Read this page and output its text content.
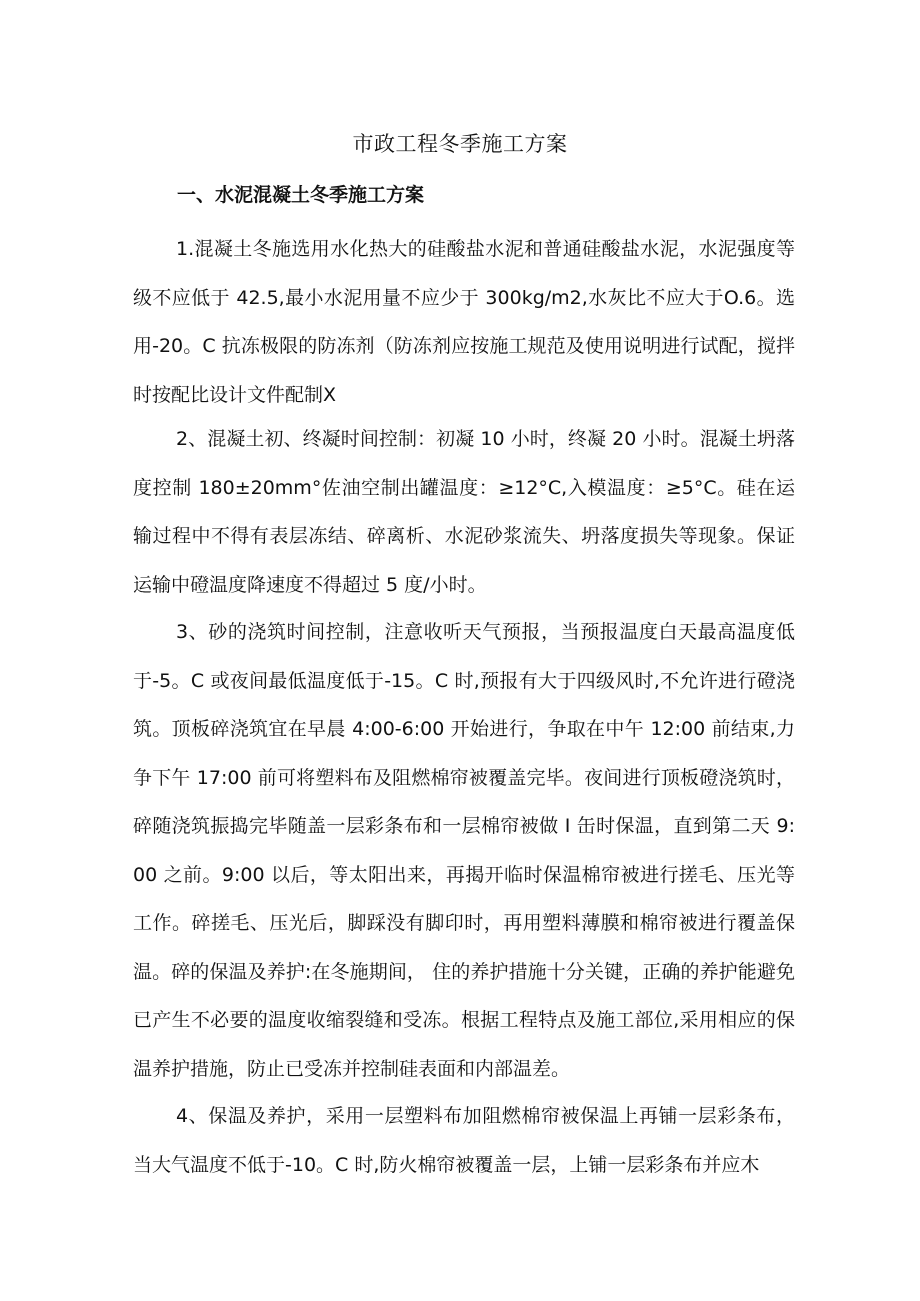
市政工程冬季施工方案
一、水泥混凝土冬季施工方案

1.混凝土冬施选用水化热大的硅酸盐水泥和普通硅酸盐水泥，水泥强度等级不应低于 42.5,最小水泥用量不应少于 300kg/m2,水灰比不应大于O.6。选用-20。C 抗冻极限的防冻剂（防冻剂应按施工规范及使用说明进行试配，搅拌时按配比设计文件配制X

2、混凝土初、终凝时间控制：初凝 10 小时，终凝 20 小时。混凝土坍落度控制 180±20mm°佐油空制出罐温度：≥12°C,入模温度：≥5°C。硅在运输过程中不得有表层冻结、碎离析、水泥砂浆流失、坍落度损失等现象。保证运输中磴温度降速度不得超过 5 度/小时。

3、砂的浇筑时间控制，注意收听天气预报，当预报温度白天最高温度低于-5。C 或夜间最低温度低于-15。C 时,预报有大于四级风时,不允许进行磴浇筑。顶板碎浇筑宜在早晨 4:00-6:00 开始进行，争取在中午 12:00 前结束,力争下午 17:00 前可将塑料布及阻燃棉帘被覆盖完毕。夜间进行顶板磴浇筑时，碎随浇筑振捣完毕随盖一层彩条布和一层棉帘被做 I 缶时保温，直到第二天 9:00 之前。9:00 以后，等太阳出来，再揭开临时保温棉帘被进行搓毛、压光等工作。碎搓毛、压光后，脚踩没有脚印时，再用塑料薄膜和棉帘被进行覆盖保温。碎的保温及养护:在冬施期间， 住的养护措施十分关键，正确的养护能避免已产生不必要的温度收缩裂缝和受冻。根据工程特点及施工部位,采用相应的保温养护措施，防止已受冻并控制硅表面和内部温差。

4、保温及养护，采用一层塑料布加阻燃棉帘被保温上再铺一层彩条布，当大气温度不低于-10。C 时,防火棉帘被覆盖一层，上铺一层彩条布并应木
